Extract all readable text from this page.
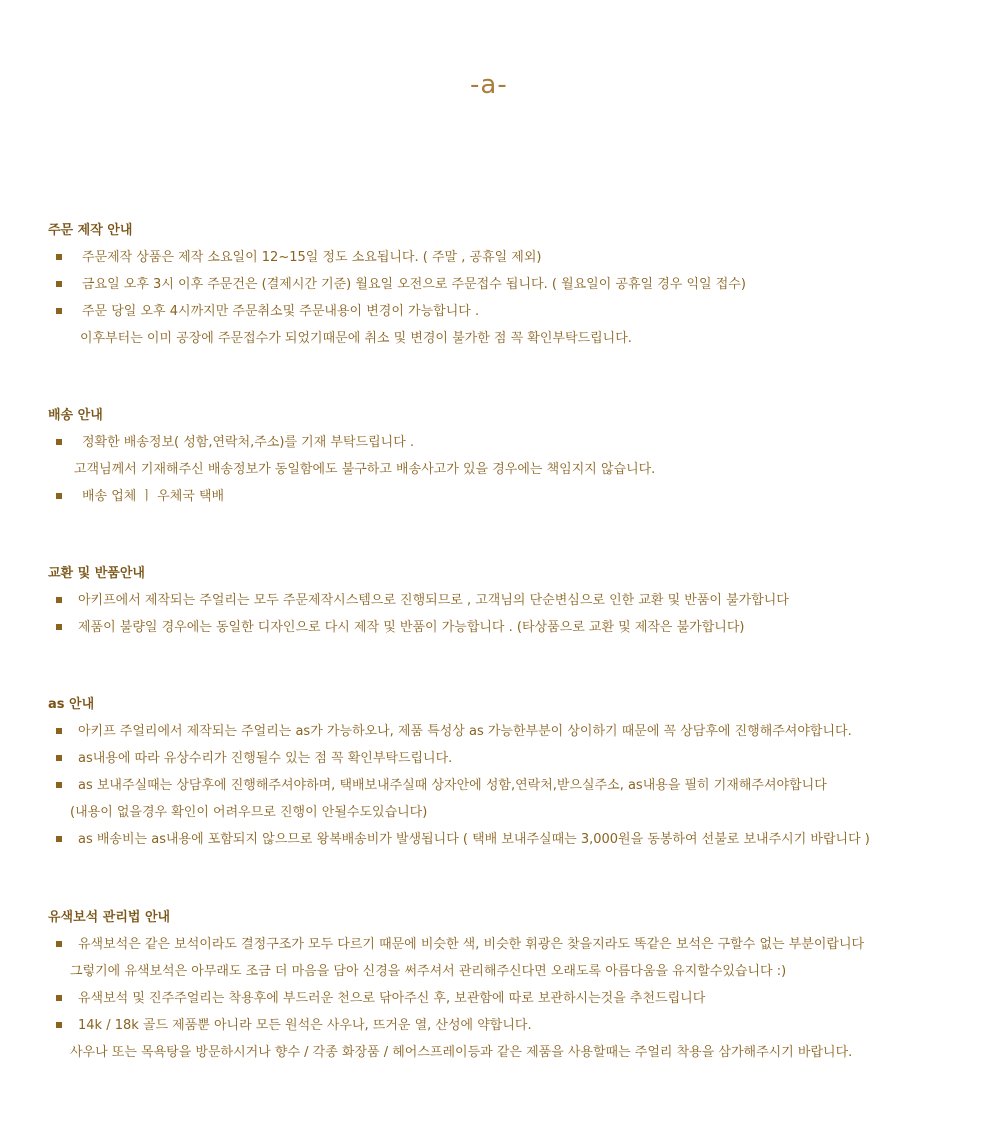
-a-
주문 제작 안내
주문제작 상품은 제작 소요일이 12~15일 정도 소요됩니다. ( 주말 , 공휴일 제외)
금요일 오후 3시 이후 주문건은 (결제시간 기준) 월요일 오전으로 주문접수 됩니다. ( 월요일이 공휴일 경우 익일 접수)
주문 당일 오후 4시까지만 주문취소및 주문내용이 변경이 가능합니다 .
이후부터는 이미 공장에 주문접수가 되었기때문에 취소 및 변경이 불가한 점 꼭 확인부탁드립니다.
배송 안내
정확한 배송정보( 성함,연락처,주소)를 기재 부탁드립니다 .
고객님께서 기재해주신 배송정보가 동일함에도 불구하고 배송사고가 있을 경우에는 책임지지 않습니다.
배송 업체 ㅣ 우체국 택배
교환 및 반품안내
아키프에서 제작되는 주얼리는 모두 주문제작시스템으로 진행되므로 , 고객님의 단순변심으로 인한 교환 및 반품이 불가합니다
제품이 불량일 경우에는 동일한 디자인으로 다시 제작 및 반품이 가능합니다 . (타상품으로 교환 및 제작은 불가합니다)
as 안내
아키프 주얼리에서 제작되는 주얼리는 as가 가능하오나, 제품 특성상 as 가능한부분이 상이하기 때문에 꼭 상담후에 진행해주셔야합니다.
as내용에 따라 유상수리가 진행될수 있는 점 꼭 확인부탁드립니다.
as 보내주실때는 상담후에 진행해주셔야하며, 택배보내주실때 상자안에 성함,연락처,받으실주소, as내용을 필히 기재해주셔야합니다
(내용이 없을경우 확인이 어려우므로 진행이 안될수도있습니다)
as 배송비는 as내용에 포함되지 않으므로 왕복배송비가 발생됩니다 ( 택배 보내주실때는 3,000원을 동봉하여 선불로 보내주시기 바랍니다 )
유색보석 관리법 안내
유색보석은 같은 보석이라도 결정구조가 모두 다르기 때문에 비슷한 색, 비슷한 휘광은 찾을지라도 똑같은 보석은 구할수 없는 부분이랍니다
그렇기에 유색보석은 아무래도 조금 더 마음을 담아 신경을 써주셔서 관리해주신다면 오래도록 아름다움을 유지할수있습니다 :)
유색보석 및 진주주얼리는 착용후에 부드러운 천으로 닦아주신 후, 보관함에 따로 보관하시는것을 추천드립니다
14k / 18k 골드 제품뿐 아니라 모든 원석은 사우나, 뜨거운 열, 산성에 약합니다.
사우나 또는 목욕탕을 방문하시거나 향수 / 각종 화장품 / 헤어스프레이등과 같은 제품을 사용할때는 주얼리 착용을 삼가해주시기 바랍니다.
